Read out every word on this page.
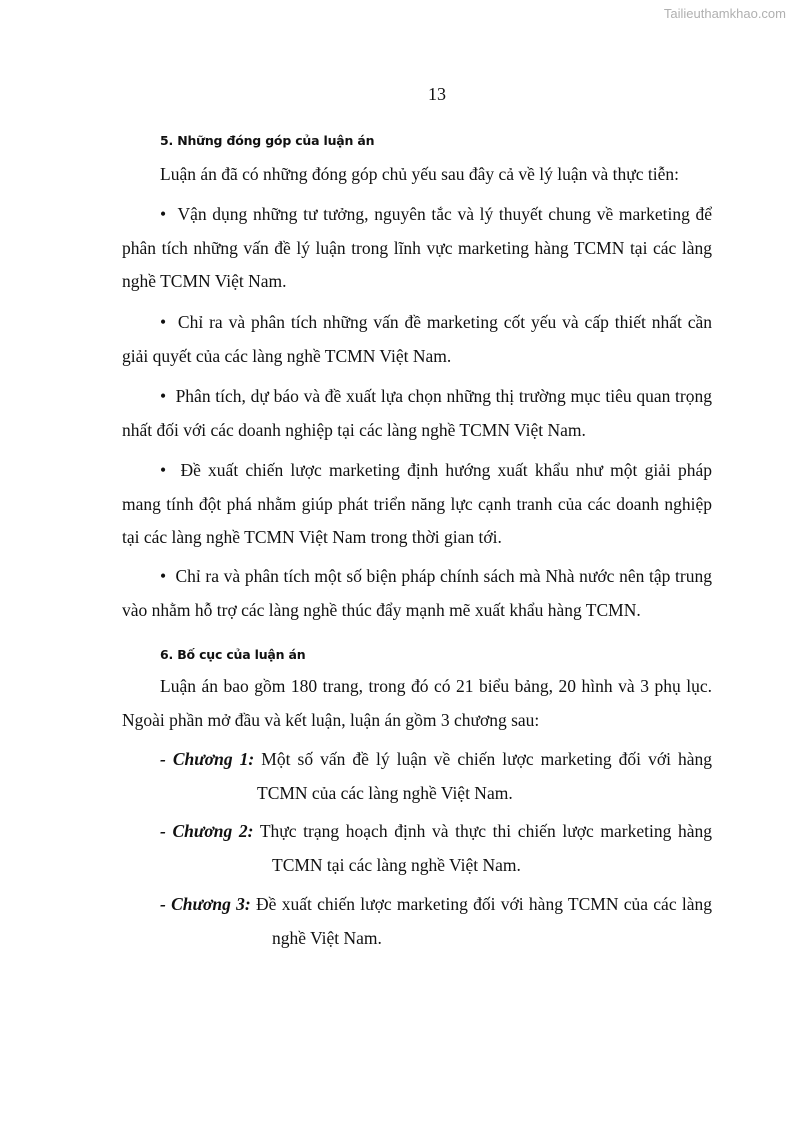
Tailieuthamkhao.com
13
5. Những đóng góp của luận án
Luận án đã có những đóng góp chủ yếu sau đây cả về lý luận và thực tiễn:
• Vận dụng những tư tưởng, nguyên tắc và lý thuyết chung về marketing để phân tích những vấn đề lý luận trong lĩnh vực marketing hàng TCMN tại các làng nghề TCMN Việt Nam.
• Chỉ ra và phân tích những vấn đề marketing cốt yếu và cấp thiết nhất cần giải quyết của các làng nghề TCMN Việt Nam.
• Phân tích, dự báo và đề xuất lựa chọn những thị trường mục tiêu quan trọng nhất đối với các doanh nghiệp tại các làng nghề TCMN Việt Nam.
• Đề xuất chiến lược marketing định hướng xuất khẩu như một giải pháp mang tính đột phá nhằm giúp phát triển năng lực cạnh tranh của các doanh nghiệp tại các làng nghề TCMN Việt Nam trong thời gian tới.
• Chỉ ra và phân tích một số biện pháp chính sách mà Nhà nước nên tập trung vào nhằm hỗ trợ các làng nghề thúc đẩy mạnh mẽ xuất khẩu hàng TCMN.
6. Bố cục của luận án
Luận án bao gồm 180 trang, trong đó có 21 biểu bảng, 20 hình và 3 phụ lục. Ngoài phần mở đầu và kết luận, luận án gồm 3 chương sau:
- Chương 1: Một số vấn đề lý luận về chiến lược marketing đối với hàng TCMN của các làng nghề Việt Nam.
- Chương 2: Thực trạng hoạch định và thực thi chiến lược marketing hàng TCMN tại các làng nghề Việt Nam.
- Chương 3: Đề xuất chiến lược marketing đối với hàng TCMN của các làng nghề Việt Nam.
